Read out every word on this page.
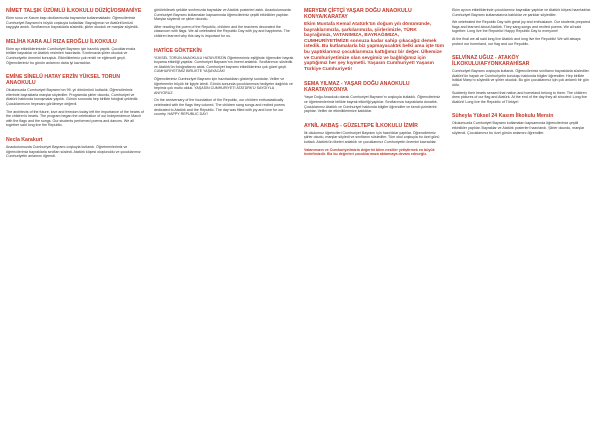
NİMET TALŞIK ÜZÜMLÜ İLKOKULU DÜZİÇİ/OSMANİYE

Ekim sonu ve Kasım başı okullarımızda bayramlar kutlanmaktadır. Öğrencilerimiz Cumhuriyet Bayramı'nı büyük coşkuyla kutladılar. Bayrağımızı ve Atatürk'ümüzü saygıyla andık. Sınıflarımızı bayraklarla süsledik, şiirler okuduk ve marşlar söyledik.

MELİHA KARA ALİ RIZA EROĞLU İLKOKULU

Ekim ayı etkinliklerimizde Cumhuriyet Bayramı için hazırlık yaptık. Çocuklarımızla birlikte bayraklar ve Atatürk resimleri hazırladık. Sınıfımızda şiirler okuduk ve Cumhuriyetin önemini konuştuk. Etkinliklerimiz çok renkli ve eğlenceli geçti. Öğrencilerimiz bu günün anlamını daha iyi kavradılar.

EMİNE SİNELÜ HATAY ERZİN YÜKSEL TORUN ANAOKULU

Okulumuzda Cumhuriyet Bayramı'nın 99. yıl dönümünü kutladık. Öğrencilerimiz ellerinde bayraklarla marşlar söylediler. Programda şiirler okundu, Cumhuriyet ve Atatürk hakkında konuşmalar yapıldı. Günün sonunda hep birlikte fotoğraf çektirdik. Çocuklarımızın heyecanı görülmeye değerdi.

The architects of the future, love and freedom today left the importance of the hearts of the children's hearts. The program began the celebration of our Independence March with the flags and the songs. Our students performed poems and dances. We all together said long live the Republic.

Necla Karakurt

Anaokulumuzda Cumhuriyet Bayramı coşkuyla kutlandı. Öğretmenlerimiz ve öğrencilerimiz bayraklarla sınıfları süsledi. Atatürk köşesi oluşturuldu ve çocuklarımız Cumhuriyetin anlamını öğrendi.

görülebilecek şekilde sınıfımızda bayraklar ve Atatürk posterleri astık. Anaokulumuzda Cumhuriyet Bayramı kutlamaları kapsamında öğrencilerimiz çeşitli etkinlikler yaptılar. Marşlar söylendi ve şiirler okundu.

After reading the poem of the Republic, children and the teachers decorated the classroom with flags. We all celebrated the Republic Day with joy and happiness. The children learned why this day is important for us.

HATİCE GÖKTEKİN

YÜKSEL TORUN ANAOKULU HATAY/ERZİN Öğretmenimiz eşliğinde öğrenciler bayrak boyama etkinliği yaptılar. Cumhuriyet Bayramı'nın önemi anlatıldı. Sınıflarımızı süsledik ve Atatürk'ün fotoğraflarını astık. Cumhuriyet bayramı etkinliklerimiz çok güzel geçti. CUMHURİYETİMİZ BİRLİKTE YAŞAYACAK!

Öğrencilerimiz Cumhuriyet Bayramı için hazırladıkları gösteriyi sundular. Veliler ve öğretmenler büyük bir ilgiyle izledi. Günün sonunda çocuklarımıza hediyeler dağıtıldı ve hepimiz çok mutlu olduk. YAŞASIN CUMHURİYET! ATATÜRK'Ü SAYGIYLA ANIYORUZ.

On the anniversary of the foundation of the Republic, our children enthusiastically celebrated with the flags they colored. The children sang songs and recited poems dedicated to Atatürk and the Republic. The day was filled with joy and love for our country. HAPPY REPUBLIC DAY!

MERYEM ÇİFTÇİ YAŞAR DOĞU ANAOKULU KONYA/KARATAY

Ekim Mustafa Kemal Atatürk'ün doğum yılı dönümünde, bayraklarımızla, şarkılarımızla, şiirlerimizle, TÜRK bayrağımızı, VATANIMIZA, BAYRAĞIMIZA, CUMHURİYETİMİZE sonsuza kadar sahip çıkacağız demek istedik. Bu kutlamalarla biz yapmayacaktık belki ama işte tüm bu yaptıklarımız çocuklarımıza kattığımız bir değer. Ülkemize ve Cumhuriyetimize olan sevgimiz ve bağlılığımız için yaptığımız her şey kıymetli. Yaşasın Cumhuriyet! Yaşasın Türkiye Cumhuriyeti!

SEMA YILMAZ - YAŞAR DOĞU ANAOKULU KARATAY/KONYA

Yaşar Doğu Anaokulu olarak Cumhuriyet Bayramı'nı coşkuyla kutladık. Öğrencilerimiz ve öğretmenlerimiz birlikte bayrak etkinliği yaptılar. Sınıflarımızı bayraklarla donattık. Çocuklarımız Atatürk ve Cumhuriyet hakkında bilgiler öğrendiler ve kendi çizimlerini yaptılar. Veliler de etkinliklerimize katıldılar.

AYNİL AKBAŞ - GÜZELTEPE İLKOKULU İZMİR

İlk okulumuz öğrencileri Cumhuriyet Bayramı için hazırlıklar yaptılar. Öğrencilerimiz şiirler okudu, marşlar söyledi ve sınıflarını süslediler. Tüm okul coşkuyla bu özel günü kutladı. Atatürk'ün ilkeleri anlatıldı ve çocuklarımız Cumhuriyetin önemini kavradılar.

Vatanımızın ve Cumhuriyetimizin değerini bilen nesiller yetiştirmek en büyük hedefimizdir. Biz bu değerleri çocuklarımıza aktarmaya devam edeceğiz.

Ekim ayının etkinliklerinde çocuklarımız bayraklar yaptılar ve Atatürk köşesi hazırladılar. Cumhuriyet Bayramı kutlamalarına katıldılar ve şarkılar söylediler.

We celebrated the Republic Day with great joy and enthusiasm. Our students prepared flags and learned about Atatürk. They sang songs and recited poems. We all said together: Long live the Republic! Happy Republic Day to everyone!

At the final we all said long live Atatürk and long live the Republic! We will always protect our homeland, our flag and our Republic.

SELVİNAZ UĞUZ - ATAKÖY İLKOKULU/AFYONKARAHİSAR

Cumhuriyet Bayramı coşkuyla kutlandı. Öğrencilerimiz sınıflarını bayraklarla süslediler. Atatürk'ün hayatı ve Cumhuriyetin kuruluşu hakkında bilgiler öğrendiler. Hep birlikte İstiklal Marşı'nı söyledik ve şiirler okuduk. Bu gün çocuklarımız için çok anlamlı bir gün oldu.

Suddenly their hearts sensed that nation and homeland belong to them. The children drew pictures of our flag and Atatürk. At the end of the day they all shouted: Long live Atatürk! Long live the Republic of Türkiye!

Süheyla Yüksel 24 Kasım İlkokulu Mersin

Okulumuzda Cumhuriyet Bayramı kutlamaları kapsamında öğrencilerimiz çeşitli etkinlikler yaptılar. Bayraklar ve Atatürk posterleri hazırlandı. Şiirler okundu, marşlar söylendi. Çocuklarımız bu özel günün anlamını öğrendiler.
